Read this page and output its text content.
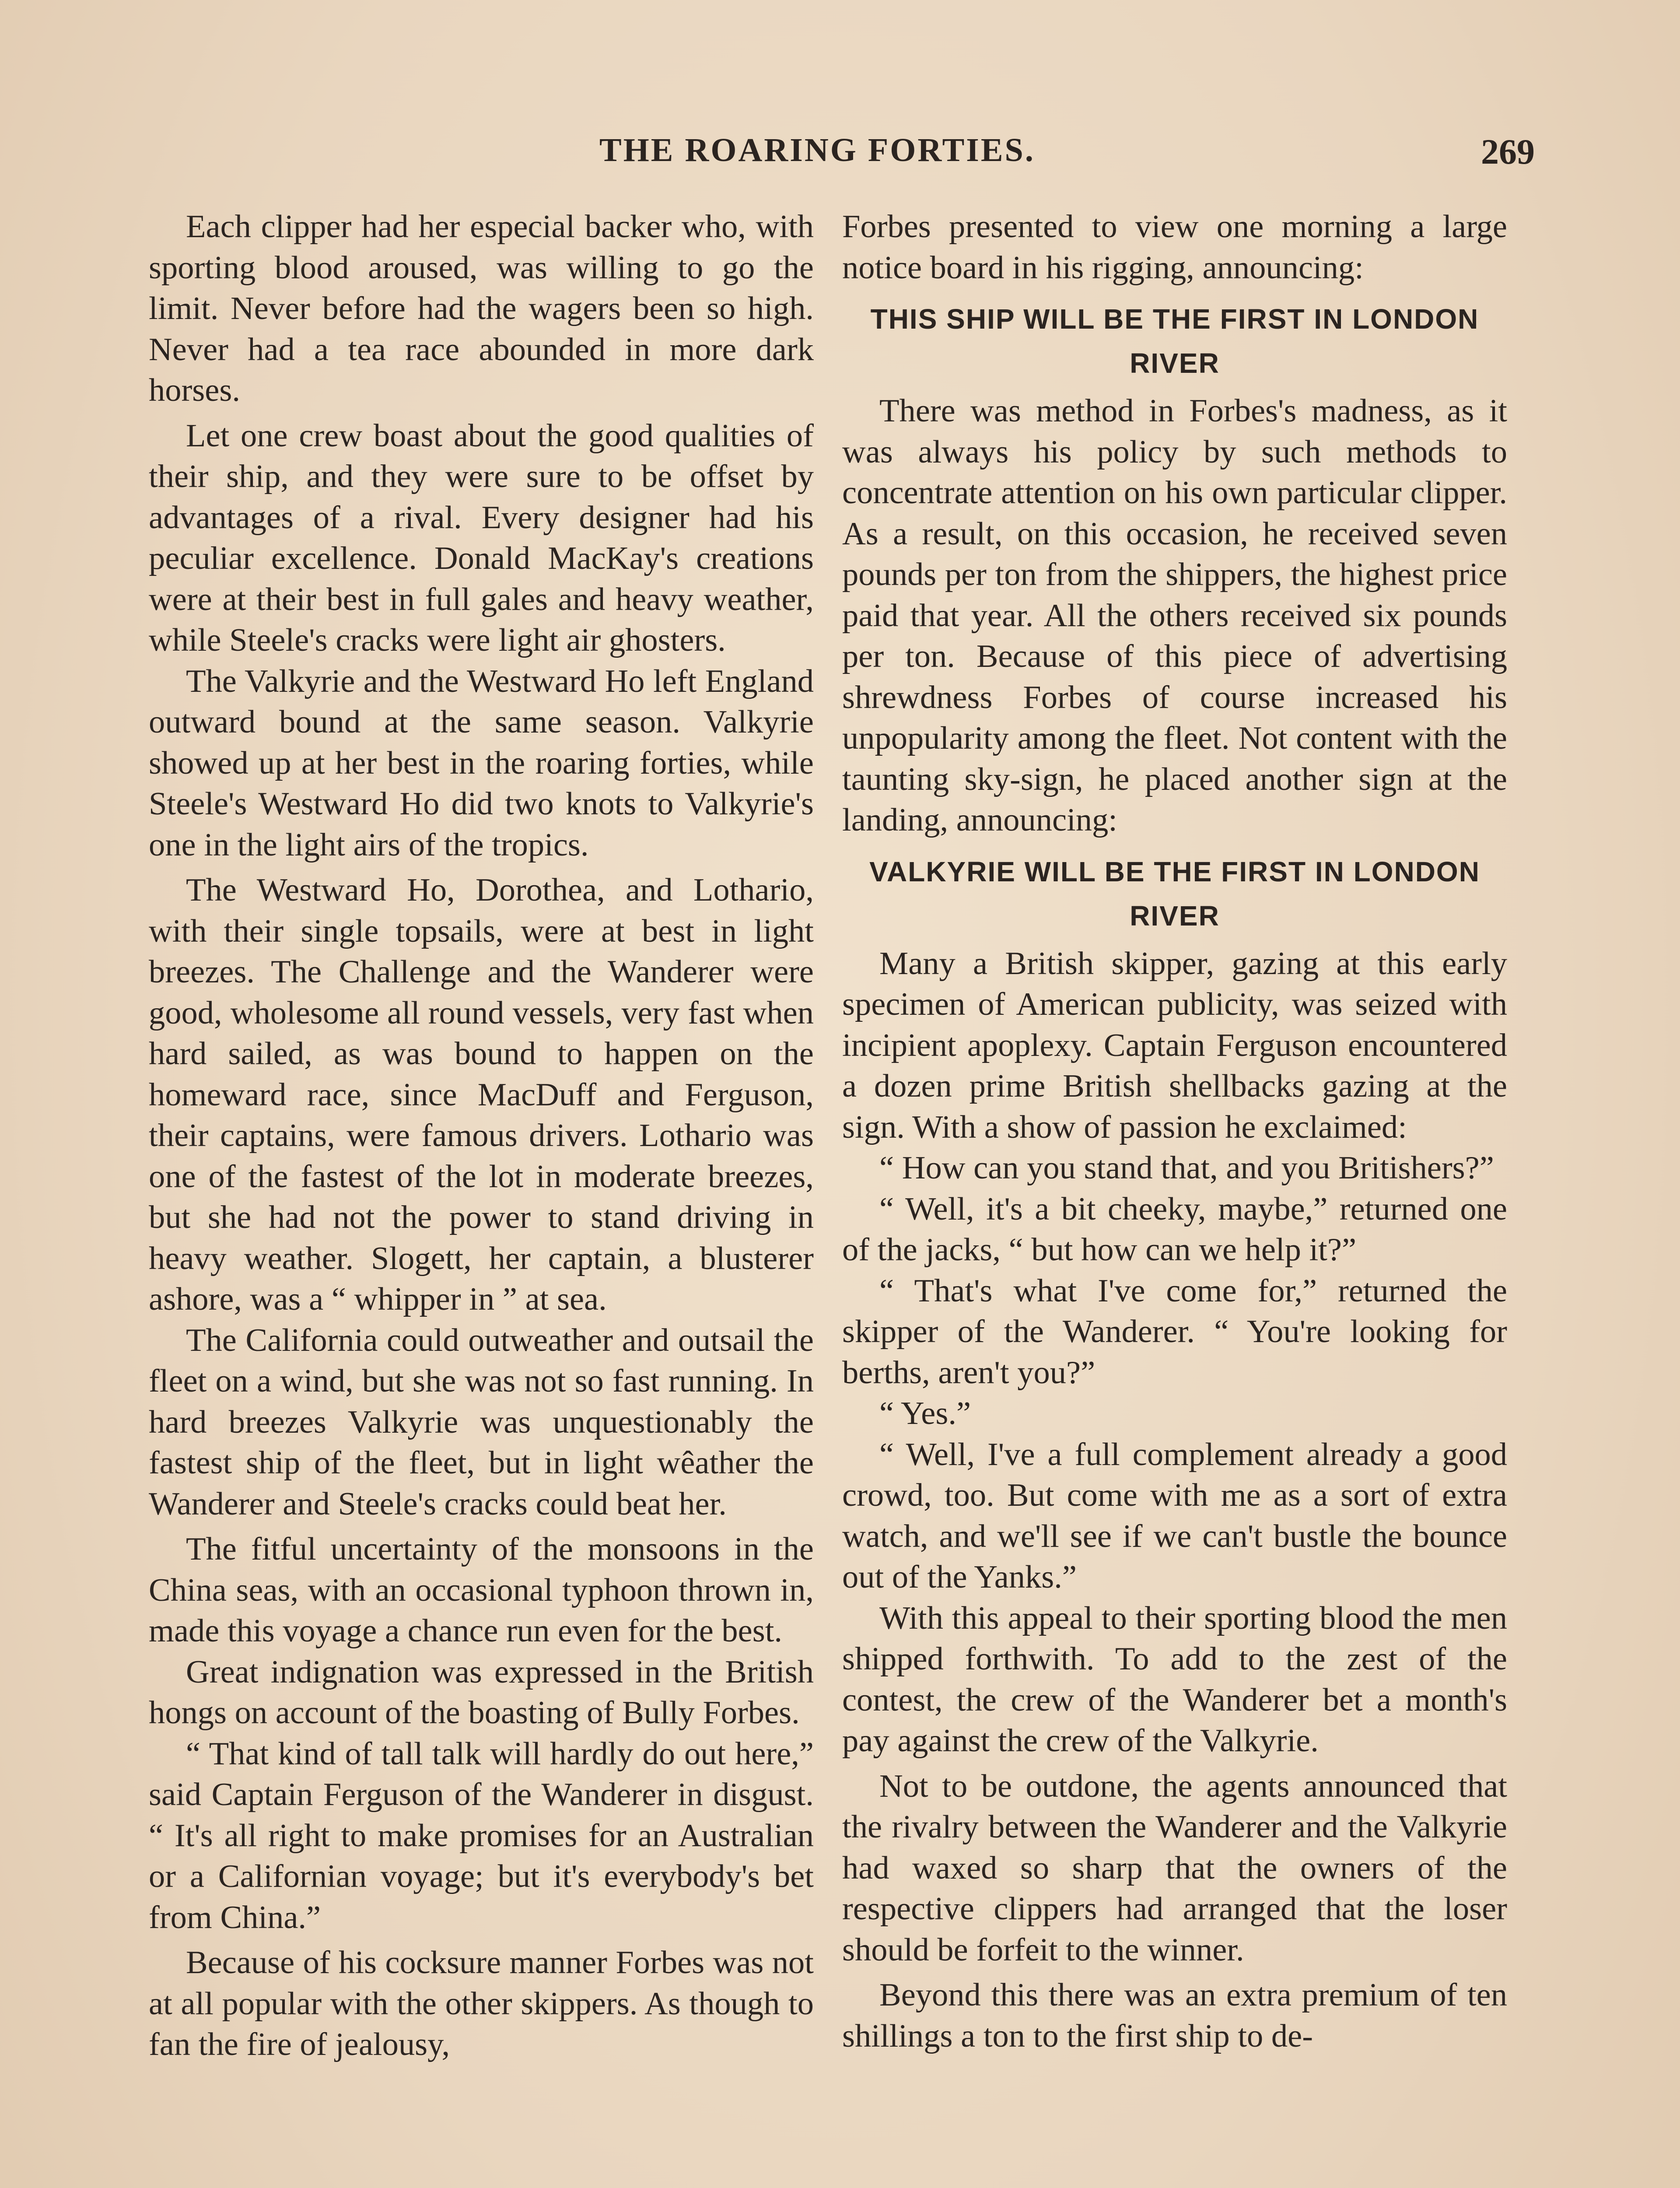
THE ROARING FORTIES.	269

Each clipper had her especial backer who, with sporting blood aroused, was willing to go the limit. Never before had the wagers been so high. Never had a tea race abounded in more dark horses.

Let one crew boast about the good qualities of their ship, and they were sure to be offset by advantages of a rival. Every designer had his peculiar excellence. Donald MacKay's creations were at their best in full gales and heavy weather, while Steele's cracks were light air ghosters.

The Valkyrie and the Westward Ho left England outward bound at the same season. Valkyrie showed up at her best in the roaring forties, while Steele's Westward Ho did two knots to Valkyrie's one in the light airs of the tropics.

The Westward Ho, Dorothea, and Lothario, with their single topsails, were at best in light breezes. The Challenge and the Wanderer were good, wholesome all round vessels, very fast when hard sailed, as was bound to happen on the homeward race, since MacDuff and Ferguson, their captains, were famous drivers. Lothario was one of the fastest of the lot in moderate breezes, but she had not the power to stand driving in heavy weather. Slogett, her captain, a blusterer ashore, was a “ whipper in ” at sea.

The California could outweather and outsail the fleet on a wind, but she was not so fast running. In hard breezes Valkyrie was unquestionably the fastest ship of the fleet, but in light wêather the Wanderer and Steele's cracks could beat her.

The fitful uncertainty of the monsoons in the China seas, with an occasional typhoon thrown in, made this voyage a chance run even for the best.

Great indignation was expressed in the British hongs on account of the boasting of Bully Forbes.

“ That kind of tall talk will hardly do out here,” said Captain Ferguson of the Wanderer in disgust. “ It's all right to make promises for an Australian or a Californian voyage; but it's everybody's bet from China.”

Because of his cocksure manner Forbes was not at all popular with the other skippers. As though to fan the fire of jealousy,

Forbes presented to view one morning a large notice board in his rigging, announcing:

THIS SHIP WILL BE THE FIRST IN LONDON RIVER

There was method in Forbes's madness, as it was always his policy by such methods to concentrate attention on his own particular clipper. As a result, on this occasion, he received seven pounds per ton from the shippers, the highest price paid that year. All the others received six pounds per ton. Because of this piece of advertising shrewdness Forbes of course increased his unpopularity among the fleet. Not content with the taunting sky-sign, he placed another sign at the landing, announcing:

VALKYRIE WILL BE THE FIRST IN LONDON RIVER

Many a British skipper, gazing at this early specimen of American publicity, was seized with incipient apoplexy. Captain Ferguson encountered a dozen prime British shellbacks gazing at the sign. With a show of passion he exclaimed:

“ How can you stand that, and you Britishers?”

“ Well, it's a bit cheeky, maybe,” returned one of the jacks, “ but how can we help it?”

“ That's what I've come for,” returned the skipper of the Wanderer. “ You're looking for berths, aren't you?”

“ Yes.”

“ Well, I've a full complement already a good crowd, too. But come with me as a sort of extra watch, and we'll see if we can't bustle the bounce out of the Yanks.”

With this appeal to their sporting blood the men shipped forthwith. To add to the zest of the contest, the crew of the Wanderer bet a month's pay against the crew of the Valkyrie.

Not to be outdone, the agents announced that the rivalry between the Wanderer and the Valkyrie had waxed so sharp that the owners of the respective clippers had arranged that the loser should be forfeit to the winner.

Beyond this there was an extra premium of ten shillings a ton to the first ship to de-
